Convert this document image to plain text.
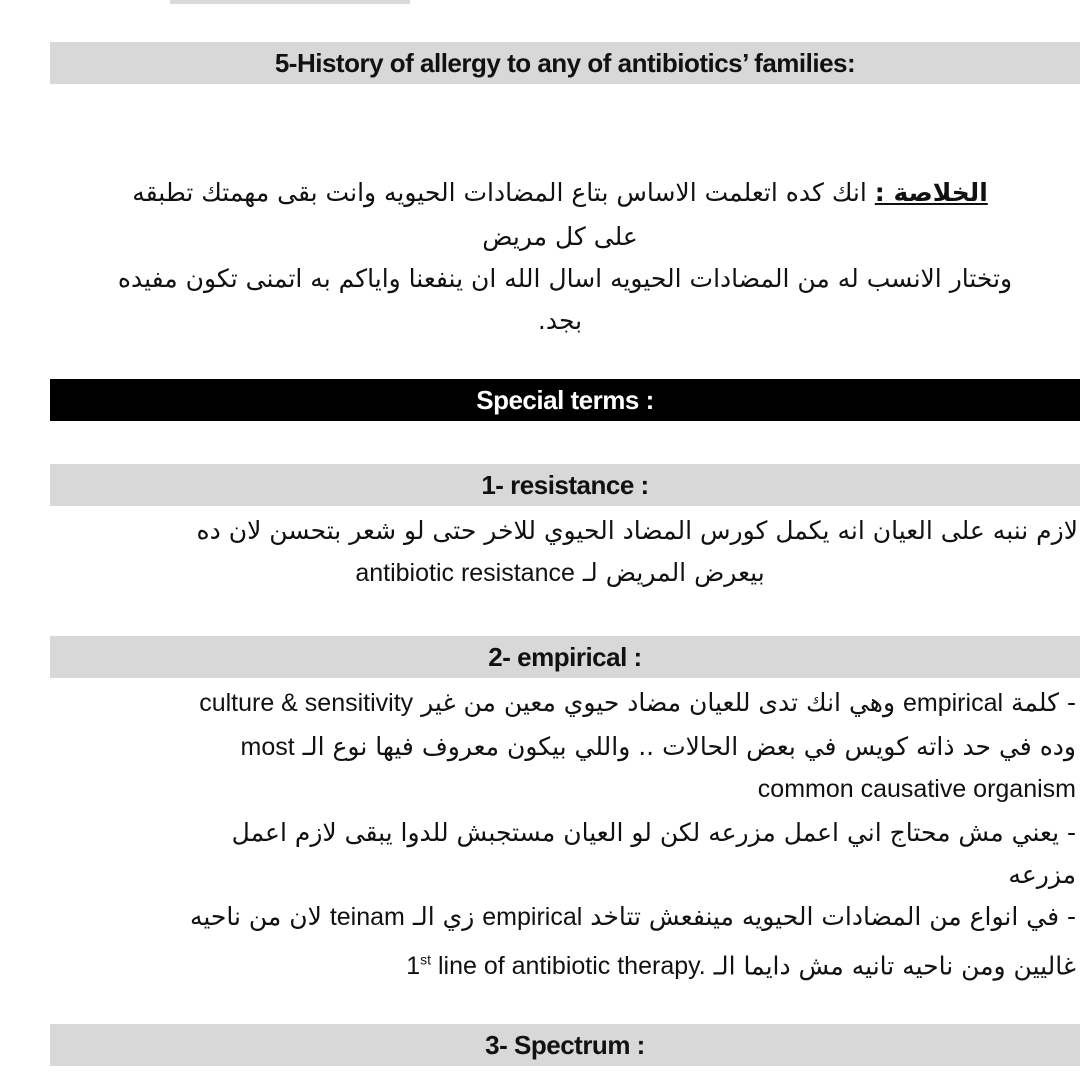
5-History of allergy to any of antibiotics’ families:
الخلاصة : انك كده اتعلمت الاساس بتاع المضادات الحيويه وانت بقى مهمتك تطبقه
على كل مريض
وتختار الانسب له من المضادات الحيويه اسال الله ان ينفعنا واياكم به اتمنى تكون مفيده
بجد.
Special terms :
1- resistance :
لازم ننبه على العيان انه يكمل كورس المضاد الحيوي للاخر حتى لو شعر بتحسن لان ده
بيعرض المريض لـ antibiotic resistance
2- empirical :
- كلمة empirical وهي انك تدى للعيان مضاد حيوي معين من غير culture & sensitivity
وده في حد ذاته كويس في بعض الحالات .. واللي بيكون معروف فيها نوع الـ most
common causative organism
- يعني مش محتاج اني اعمل مزرعه لكن لو العيان مستجبش للدوا يبقى لازم اعمل
مزرعه
- في انواع من المضادات الحيويه مينفعش تتاخد empirical زي الـ teinam لان من ناحيه
غاليين ومن ناحيه تانيه مش دايما الـ 1st line of antibiotic therapy.
3- Spectrum :
